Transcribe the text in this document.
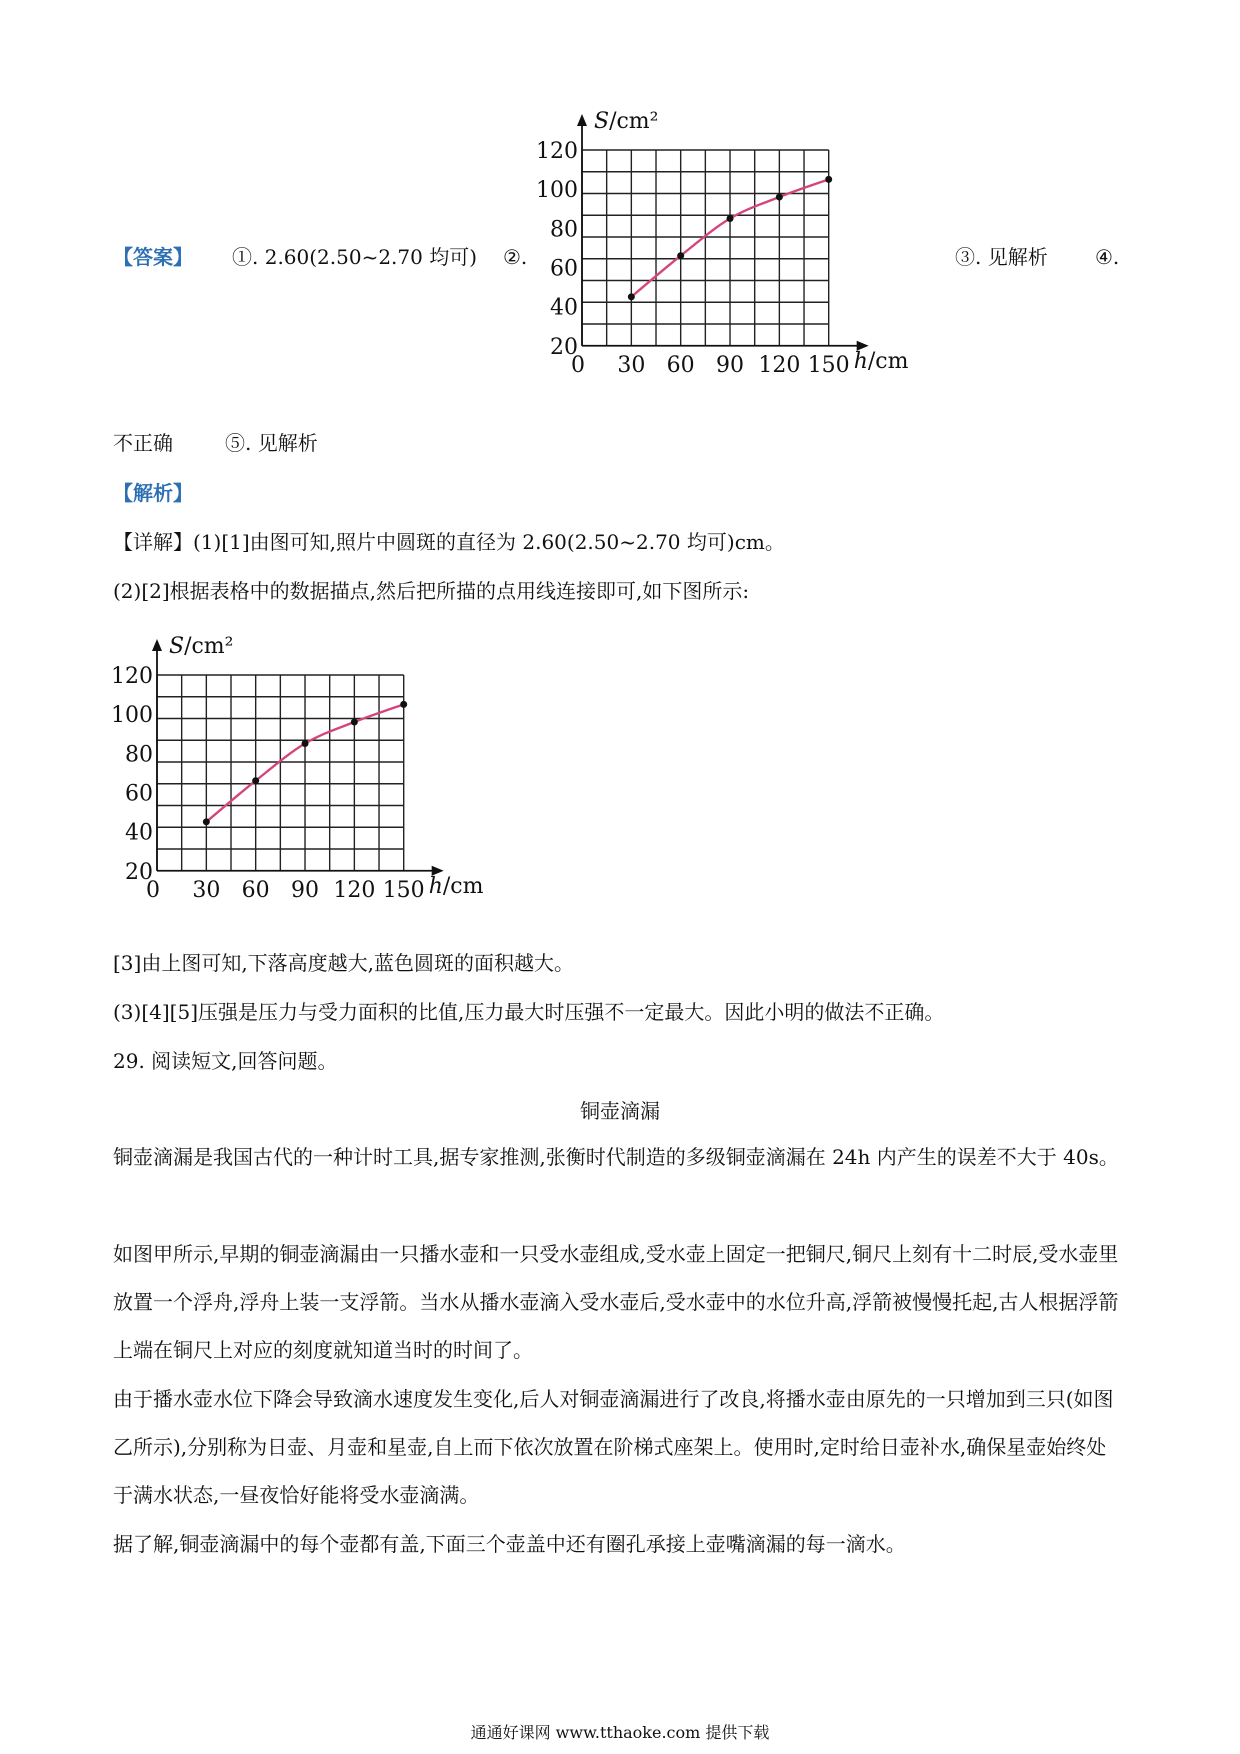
【答案】 ①. 2.60(2.50~2.70 均可) ②.
20
40
60
80
100
120
0 30 60 90 120 150 h/cm
S/cm²
③. 见解析 ④.
不正确	⑤. 见解析
【解析】
【详解】(1)[1]由图可知,照片中圆斑的直径为 2.60(2.50~2.70 均可)cm。
(2)[2]根据表格中的数据描点,然后把所描的点用线连接即可,如下图所示:
20
40
60
80
100
120
0 30 60 90 120 150 h/cm
S/cm²
[3]由上图可知,下落高度越大,蓝色圆斑的面积越大。
(3)[4][5]压强是压力与受力面积的比值,压力最大时压强不一定最大。因此小明的做法不正确。
29. 阅读短文,回答问题。
铜壶滴漏
铜壶滴漏是我国古代的一种计时工具,据专家推测,张衡时代制造的多级铜壶滴漏在 24h 内产生的误差不大于 40s。
如图甲所示,早期的铜壶滴漏由一只播水壶和一只受水壶组成,受水壶上固定一把铜尺,铜尺上刻有十二时辰,受水壶里放置一个浮舟,浮舟上装一支浮箭。当水从播水壶滴入受水壶后,受水壶中的水位升高,浮箭被慢慢托起,古人根据浮箭上端在铜尺上对应的刻度就知道当时的时间了。
由于播水壶水位下降会导致滴水速度发生变化,后人对铜壶滴漏进行了改良,将播水壶由原先的一只增加到三只(如图乙所示),分别称为日壶、月壶和星壶,自上而下依次放置在阶梯式座架上。使用时,定时给日壶补水,确保星壶始终处于满水状态,一昼夜恰好能将受水壶滴满。
据了解,铜壶滴漏中的每个壶都有盖,下面三个壶盖中还有圈孔承接上壶嘴滴漏的每一滴水。
通通好课网 www.tthaoke.com 提供下载
